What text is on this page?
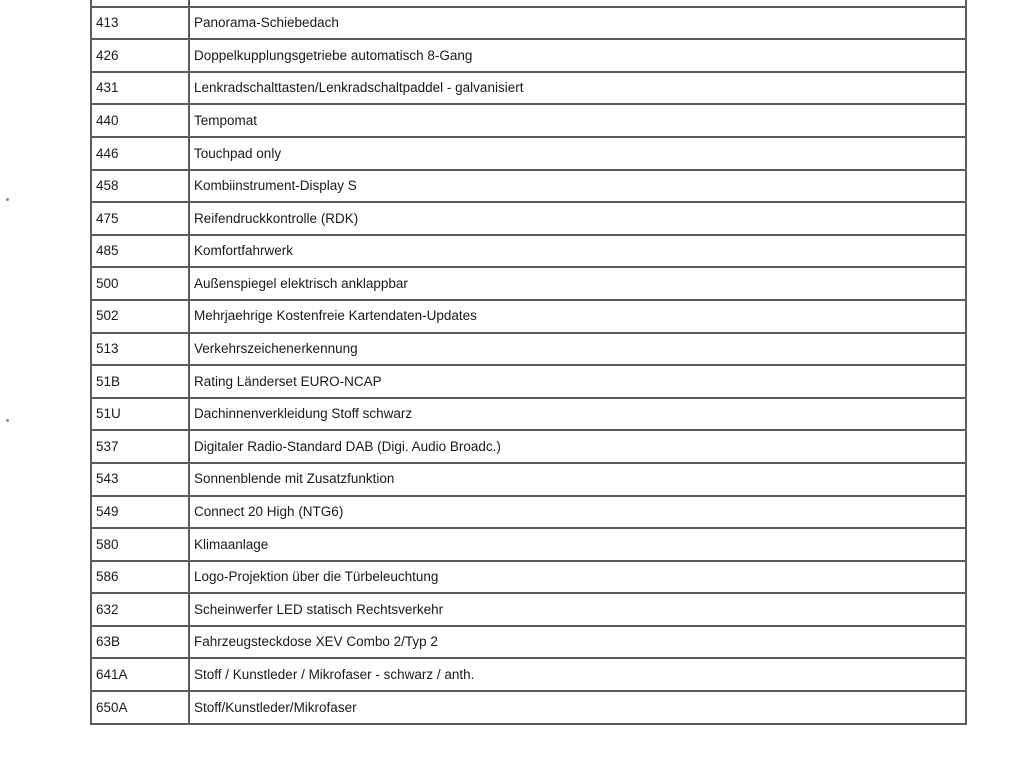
413	Panorama-Schiebedach
426	Doppelkupplungsgetriebe automatisch 8-Gang
431	Lenkradschalttasten/Lenkradschaltpaddel - galvanisiert
440	Tempomat
446	Touchpad only
458	Kombiinstrument-Display S
475	Reifendruckkontrolle (RDK)
485	Komfortfahrwerk
500	Außenspiegel elektrisch anklappbar
502	Mehrjaehrige Kostenfreie Kartendaten-Updates
513	Verkehrszeichenerkennung
51B	Rating Länderset EURO-NCAP
51U	Dachinnenverkleidung Stoff schwarz
537	Digitaler Radio-Standard DAB (Digi. Audio Broadc.)
543	Sonnenblende mit Zusatzfunktion
549	Connect 20 High (NTG6)
580	Klimaanlage
586	Logo-Projektion über die Türbeleuchtung
632	Scheinwerfer LED statisch Rechtsverkehr
63B	Fahrzeugsteckdose XEV Combo 2/Typ 2
641A	Stoff / Kunstleder / Mikrofaser - schwarz / anth.
650A	Stoff/Kunstleder/Mikrofaser
